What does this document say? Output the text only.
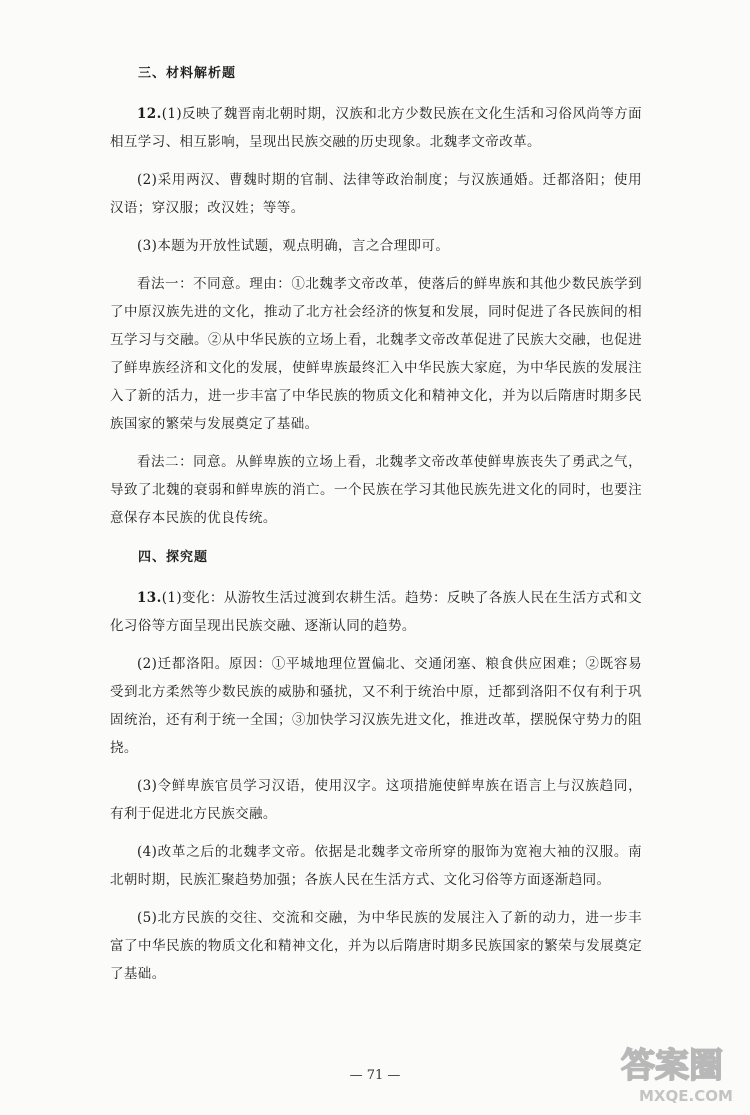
三、材料解析题

12.(1)反映了魏晋南北朝时期，汉族和北方少数民族在文化生活和习俗风尚等方面相互学习、相互影响，呈现出民族交融的历史现象。北魏孝文帝改革。

(2)采用两汉、曹魏时期的官制、法律等政治制度；与汉族通婚。迁都洛阳；使用汉语；穿汉服；改汉姓；等等。

(3)本题为开放性试题，观点明确，言之合理即可。

看法一：不同意。理由：①北魏孝文帝改革，使落后的鲜卑族和其他少数民族学到了中原汉族先进的文化，推动了北方社会经济的恢复和发展，同时促进了各民族间的相互学习与交融。②从中华民族的立场上看，北魏孝文帝改革促进了民族大交融，也促进了鲜卑族经济和文化的发展，使鲜卑族最终汇入中华民族大家庭，为中华民族的发展注入了新的活力，进一步丰富了中华民族的物质文化和精神文化，并为以后隋唐时期多民族国家的繁荣与发展奠定了基础。

看法二：同意。从鲜卑族的立场上看，北魏孝文帝改革使鲜卑族丧失了勇武之气，导致了北魏的衰弱和鲜卑族的消亡。一个民族在学习其他民族先进文化的同时，也要注意保存本民族的优良传统。

四、探究题

13.(1)变化：从游牧生活过渡到农耕生活。趋势：反映了各族人民在生活方式和文化习俗等方面呈现出民族交融、逐渐认同的趋势。

(2)迁都洛阳。原因：①平城地理位置偏北、交通闭塞、粮食供应困难；②既容易受到北方柔然等少数民族的威胁和骚扰，又不利于统治中原，迁都到洛阳不仅有利于巩固统治，还有利于统一全国；③加快学习汉族先进文化，推进改革，摆脱保守势力的阻挠。

(3)令鲜卑族官员学习汉语，使用汉字。这项措施使鲜卑族在语言上与汉族趋同，有利于促进北方民族交融。

(4)改革之后的北魏孝文帝。依据是北魏孝文帝所穿的服饰为宽袍大袖的汉服。南北朝时期，民族汇聚趋势加强；各族人民在生活方式、文化习俗等方面逐渐趋同。

(5)北方民族的交往、交流和交融，为中华民族的发展注入了新的动力，进一步丰富了中华民族的物质文化和精神文化，并为以后隋唐时期多民族国家的繁荣与发展奠定了基础。

— 71 —	答案圈
MXQE.COM
